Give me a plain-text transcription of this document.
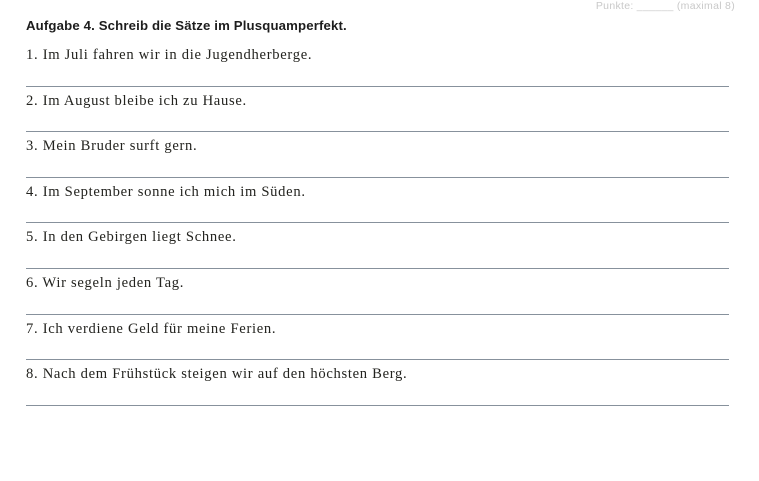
Punkte: ______ (maximal 8)
Aufgabe 4. Schreib die Sätze im Plusquamperfekt.
1. Im Juli fahren wir in die Jugendherberge.
2. Im August bleibe ich zu Hause.
3. Mein Bruder surft gern.
4. Im September sonne ich mich im Süden.
5. In den Gebirgen liegt Schnee.
6. Wir segeln jeden Tag.
7. Ich verdiene Geld für meine Ferien.
8. Nach dem Frühstück steigen wir auf den höchsten Berg.
